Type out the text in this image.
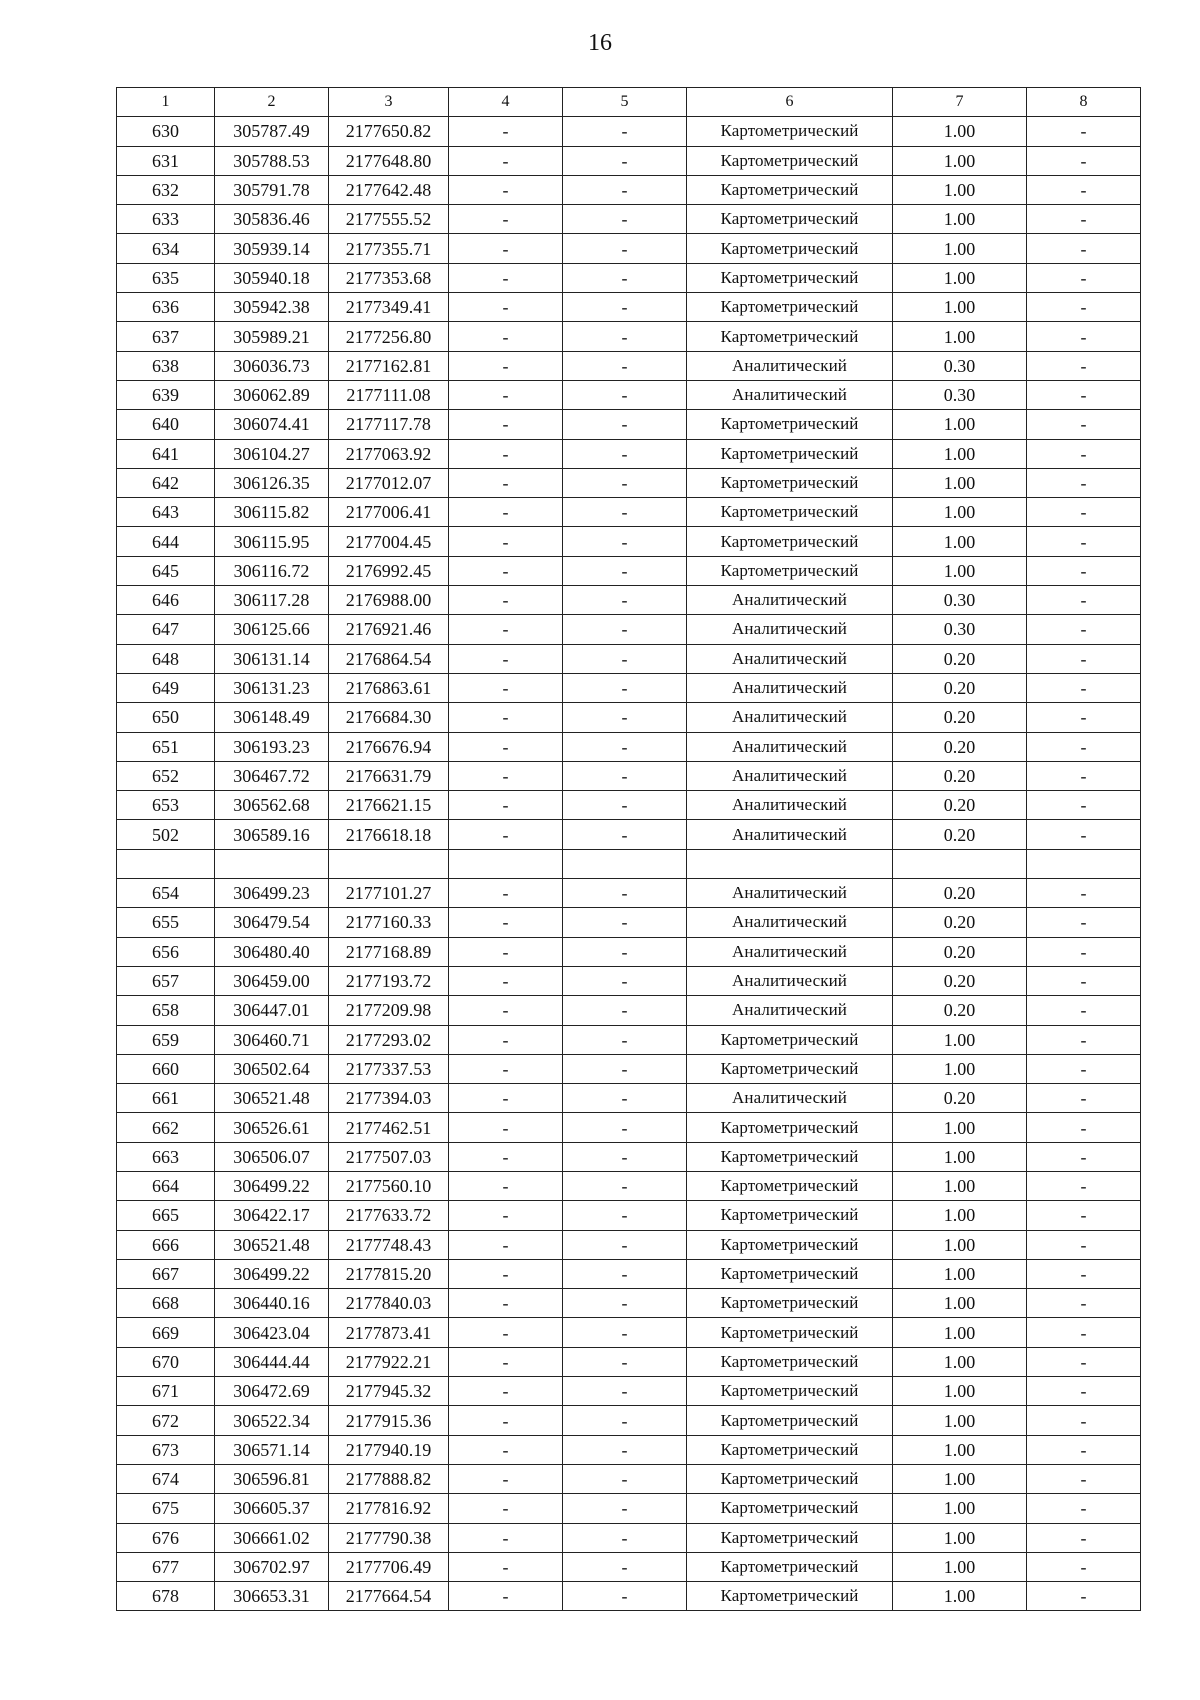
16
1	2	3	4	5	6	7	8
630	305787.49	2177650.82	-	-	Картометрический	1.00	-
631	305788.53	2177648.80	-	-	Картометрический	1.00	-
632	305791.78	2177642.48	-	-	Картометрический	1.00	-
633	305836.46	2177555.52	-	-	Картометрический	1.00	-
634	305939.14	2177355.71	-	-	Картометрический	1.00	-
635	305940.18	2177353.68	-	-	Картометрический	1.00	-
636	305942.38	2177349.41	-	-	Картометрический	1.00	-
637	305989.21	2177256.80	-	-	Картометрический	1.00	-
638	306036.73	2177162.81	-	-	Аналитический	0.30	-
639	306062.89	2177111.08	-	-	Аналитический	0.30	-
640	306074.41	2177117.78	-	-	Картометрический	1.00	-
641	306104.27	2177063.92	-	-	Картометрический	1.00	-
642	306126.35	2177012.07	-	-	Картометрический	1.00	-
643	306115.82	2177006.41	-	-	Картометрический	1.00	-
644	306115.95	2177004.45	-	-	Картометрический	1.00	-
645	306116.72	2176992.45	-	-	Картометрический	1.00	-
646	306117.28	2176988.00	-	-	Аналитический	0.30	-
647	306125.66	2176921.46	-	-	Аналитический	0.30	-
648	306131.14	2176864.54	-	-	Аналитический	0.20	-
649	306131.23	2176863.61	-	-	Аналитический	0.20	-
650	306148.49	2176684.30	-	-	Аналитический	0.20	-
651	306193.23	2176676.94	-	-	Аналитический	0.20	-
652	306467.72	2176631.79	-	-	Аналитический	0.20	-
653	306562.68	2176621.15	-	-	Аналитический	0.20	-
502	306589.16	2176618.18	-	-	Аналитический	0.20	-

654	306499.23	2177101.27	-	-	Аналитический	0.20	-
655	306479.54	2177160.33	-	-	Аналитический	0.20	-
656	306480.40	2177168.89	-	-	Аналитический	0.20	-
657	306459.00	2177193.72	-	-	Аналитический	0.20	-
658	306447.01	2177209.98	-	-	Аналитический	0.20	-
659	306460.71	2177293.02	-	-	Картометрический	1.00	-
660	306502.64	2177337.53	-	-	Картометрический	1.00	-
661	306521.48	2177394.03	-	-	Аналитический	0.20	-
662	306526.61	2177462.51	-	-	Картометрический	1.00	-
663	306506.07	2177507.03	-	-	Картометрический	1.00	-
664	306499.22	2177560.10	-	-	Картометрический	1.00	-
665	306422.17	2177633.72	-	-	Картометрический	1.00	-
666	306521.48	2177748.43	-	-	Картометрический	1.00	-
667	306499.22	2177815.20	-	-	Картометрический	1.00	-
668	306440.16	2177840.03	-	-	Картометрический	1.00	-
669	306423.04	2177873.41	-	-	Картометрический	1.00	-
670	306444.44	2177922.21	-	-	Картометрический	1.00	-
671	306472.69	2177945.32	-	-	Картометрический	1.00	-
672	306522.34	2177915.36	-	-	Картометрический	1.00	-
673	306571.14	2177940.19	-	-	Картометрический	1.00	-
674	306596.81	2177888.82	-	-	Картометрический	1.00	-
675	306605.37	2177816.92	-	-	Картометрический	1.00	-
676	306661.02	2177790.38	-	-	Картометрический	1.00	-
677	306702.97	2177706.49	-	-	Картометрический	1.00	-
678	306653.31	2177664.54	-	-	Картометрический	1.00	-
